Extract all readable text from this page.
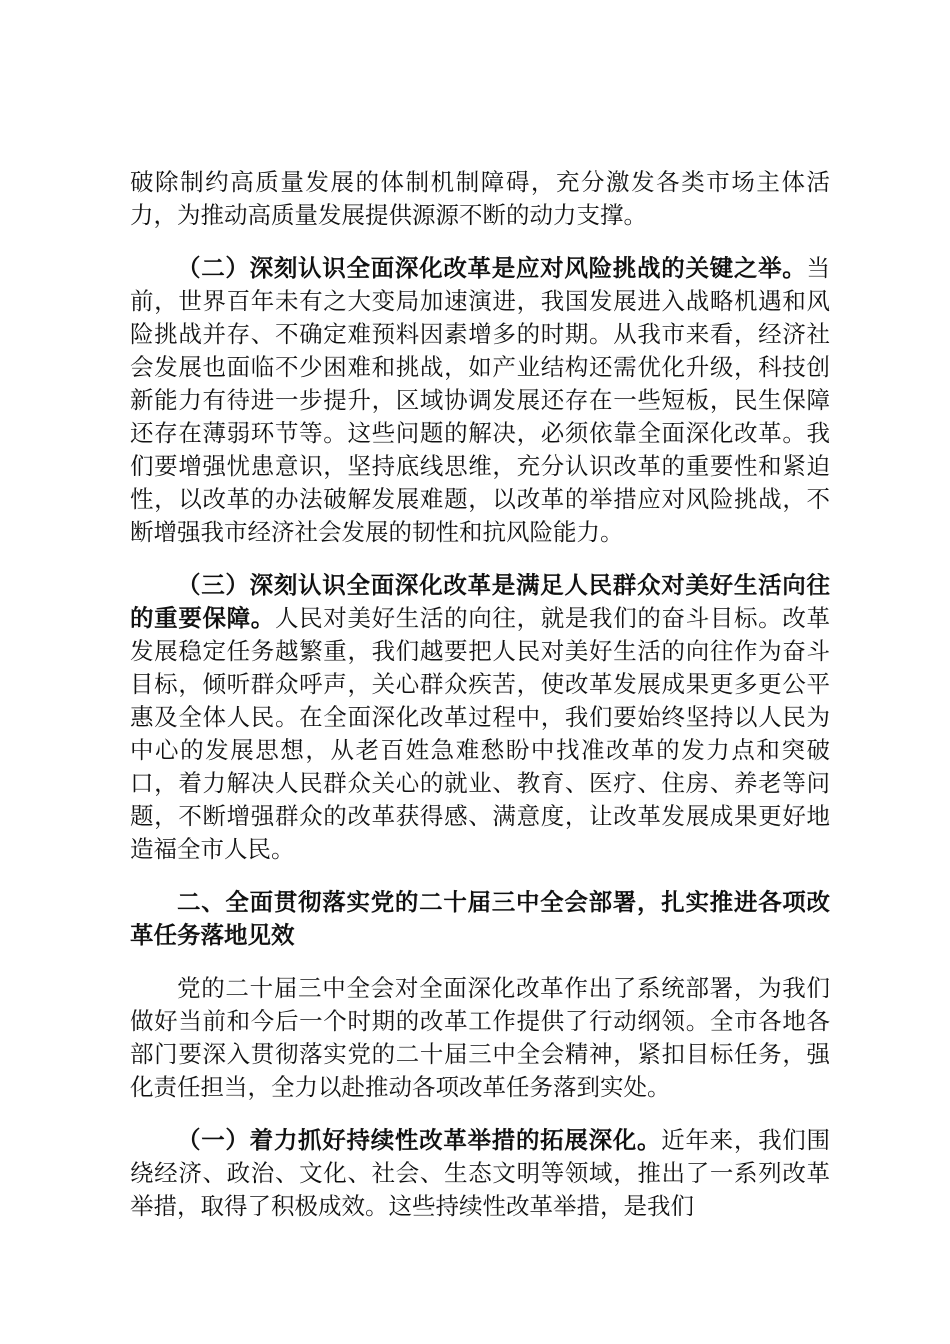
破除制约高质量发展的体制机制障碍，充分激发各类市场主体活力，为推动高质量发展提供源源不断的动力支撑。

（二）深刻认识全面深化改革是应对风险挑战的关键之举。当前，世界百年未有之大变局加速演进，我国发展进入战略机遇和风险挑战并存、不确定难预料因素增多的时期。从我市来看，经济社会发展也面临不少困难和挑战，如产业结构还需优化升级，科技创新能力有待进一步提升，区域协调发展还存在一些短板，民生保障还存在薄弱环节等。这些问题的解决，必须依靠全面深化改革。我们要增强忧患意识，坚持底线思维，充分认识改革的重要性和紧迫性，以改革的办法破解发展难题，以改革的举措应对风险挑战，不断增强我市经济社会发展的韧性和抗风险能力。

（三）深刻认识全面深化改革是满足人民群众对美好生活向往的重要保障。人民对美好生活的向往，就是我们的奋斗目标。改革发展稳定任务越繁重，我们越要把人民对美好生活的向往作为奋斗目标，倾听群众呼声，关心群众疾苦，使改革发展成果更多更公平惠及全体人民。在全面深化改革过程中，我们要始终坚持以人民为中心的发展思想，从老百姓急难愁盼中找准改革的发力点和突破口，着力解决人民群众关心的就业、教育、医疗、住房、养老等问题，不断增强群众的改革获得感、满意度，让改革发展成果更好地造福全市人民。

二、全面贯彻落实党的二十届三中全会部署，扎实推进各项改革任务落地见效

党的二十届三中全会对全面深化改革作出了系统部署，为我们做好当前和今后一个时期的改革工作提供了行动纲领。全市各地各部门要深入贯彻落实党的二十届三中全会精神，紧扣目标任务，强化责任担当，全力以赴推动各项改革任务落到实处。

（一）着力抓好持续性改革举措的拓展深化。近年来，我们围绕经济、政治、文化、社会、生态文明等领域，推出了一系列改革举措，取得了积极成效。这些持续性改革举措，是我们
